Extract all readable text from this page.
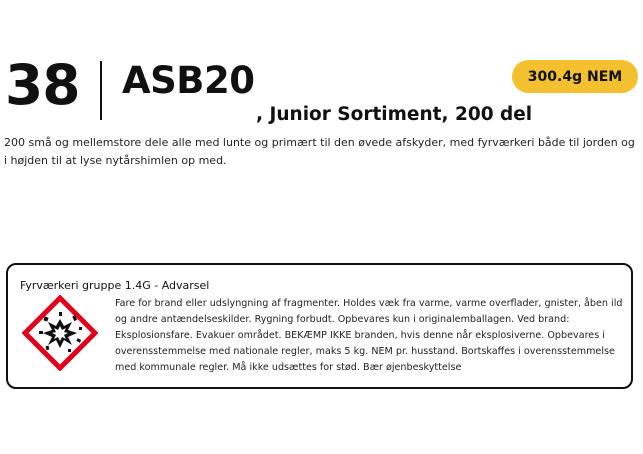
38 ASB20	300.4g NEM
, Junior Sortiment, 200 del
200 små og mellemstore dele alle med lunte og primært til den øvede afskyder, med fyrværkeri både til jorden og i højden til at lyse nytårshimlen op med.
Fyrværkeri gruppe 1.4G - Advarsel
Fare for brand eller udslyngning af fragmenter. Holdes væk fra varme, varme overflader, gnister, åben ild og andre antændelseskilder. Rygning forbudt. Opbevares kun i originalemballagen. Ved brand: Eksplosionsfare. Evakuer området. BEKÆMP IKKE branden, hvis denne når eksplosiverne. Opbevares i overensstemmelse med nationale regler, maks 5 kg. NEM pr. husstand. Bortskaffes i overensstemmelse med kommunale regler. Må ikke udsættes for stød. Bær øjenbeskyttelse
